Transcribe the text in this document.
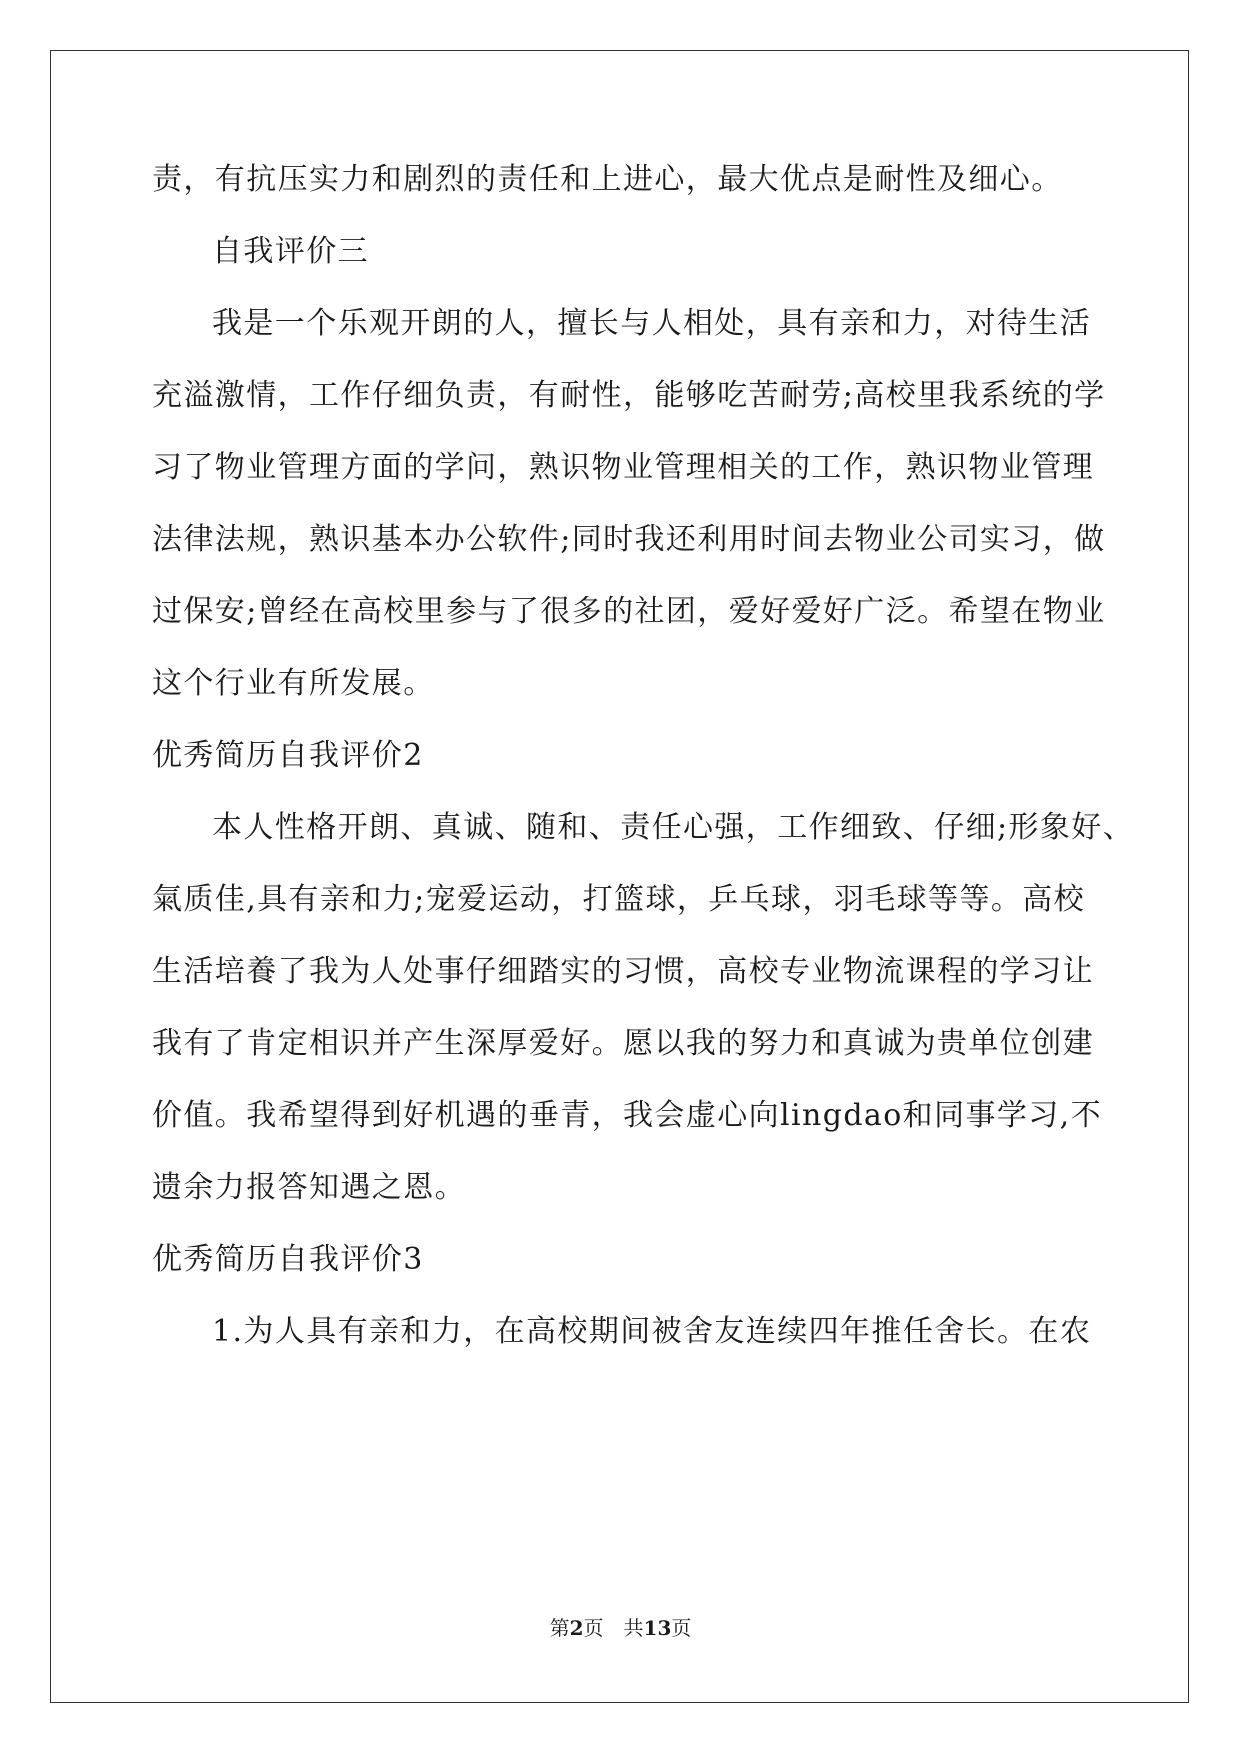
责，有抗压实力和剧烈的责任和上进心，最大优点是耐性及细心。
自我评价三
我是一个乐观开朗的人，擅长与人相处，具有亲和力，对待生活
充溢激情，工作仔细负责，有耐性，能够吃苦耐劳;高校里我系统的学
习了物业管理方面的学问，熟识物业管理相关的工作，熟识物业管理
法律法规，熟识基本办公软件;同时我还利用时间去物业公司实习，做
过保安;曾经在高校里参与了很多的社团，爱好爱好广泛。希望在物业
这个行业有所发展。
优秀简历自我评价2
本人性格开朗、真诚、随和、责任心强，工作细致、仔细;形象好、
氣质佳,具有亲和力;宠爱运动，打篮球，乒乓球，羽毛球等等。高校
生活培養了我为人处事仔细踏实的习惯，高校专业物流课程的学习让
我有了肯定相识并产生深厚爱好。愿以我的努力和真诚为贵单位创建
价值。我希望得到好机遇的垂青，我会虚心向lingdao和同事学习,不
遗余力报答知遇之恩。
优秀简历自我评价3
1.为人具有亲和力，在高校期间被舍友连续四年推任舍长。在农
第2页　共13页
